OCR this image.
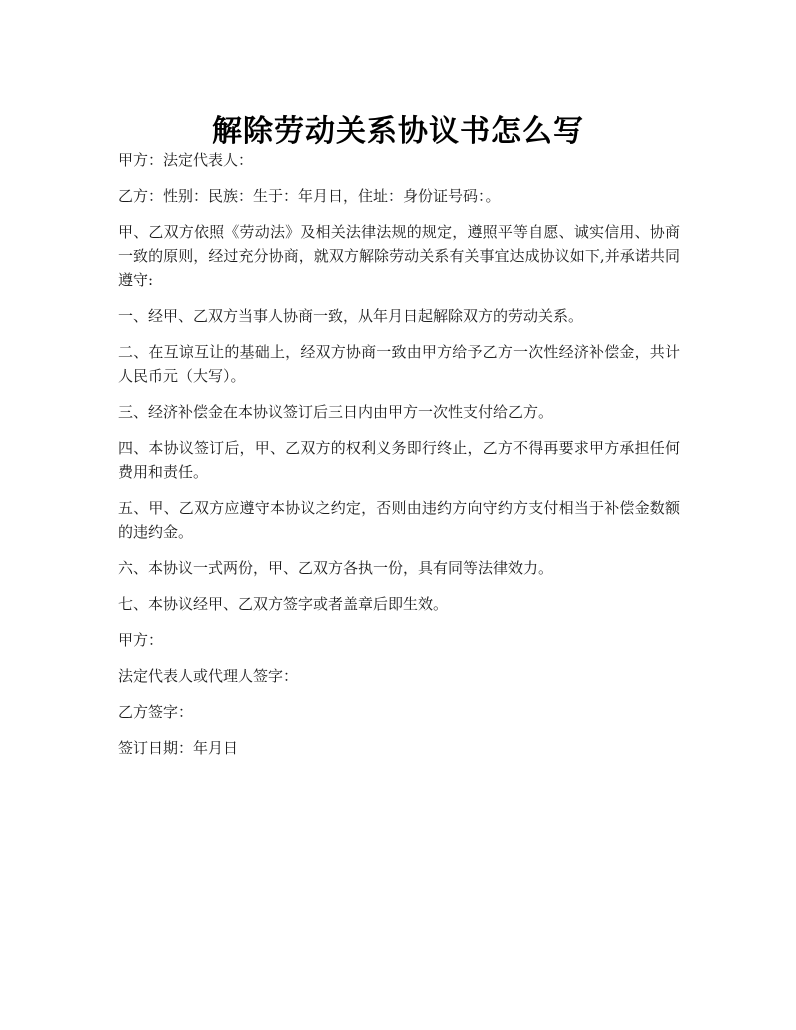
解除劳动关系协议书怎么写

甲方：法定代表人：

乙方：性别：民族：生于：年月日，住址：身份证号码：。

甲、乙双方依照《劳动法》及相关法律法规的规定，遵照平等自愿、诚实信用、协商一致的原则，经过充分协商，就双方解除劳动关系有关事宜达成协议如下,并承诺共同遵守:

一、经甲、乙双方当事人协商一致，从年月日起解除双方的劳动关系。

二、在互谅互让的基础上，经双方协商一致由甲方给予乙方一次性经济补偿金，共计人民币元（大写）。

三、经济补偿金在本协议签订后三日内由甲方一次性支付给乙方。

四、本协议签订后，甲、乙双方的权利义务即行终止，乙方不得再要求甲方承担任何费用和责任。

五、甲、乙双方应遵守本协议之约定，否则由违约方向守约方支付相当于补偿金数额的违约金。

六、本协议一式两份，甲、乙双方各执一份，具有同等法律效力。

七、本协议经甲、乙双方签字或者盖章后即生效。

甲方：

法定代表人或代理人签字：

乙方签字：

签订日期：年月日
